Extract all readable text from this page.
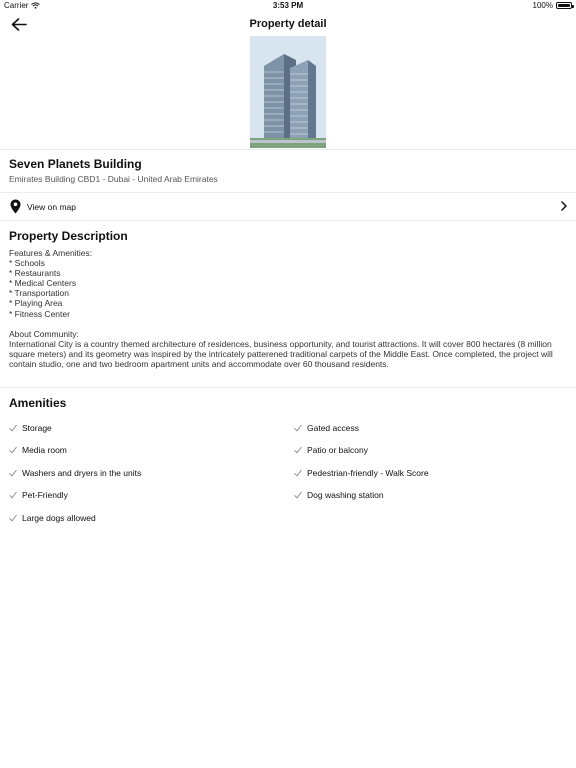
Carrier	3:53 PM	100%
Property detail
Seven Planets Building
Emirates Building CBD1 - Dubai - United Arab Emirates
View on map
Property Description
Features & Amenities:
* Schools
* Restaurants
* Medical Centers
* Transportation
* Playing Area
* Fitness Center

About Community:
International City is a country themed architecture of residences, business opportunity, and tourist attractions. It will cover 800 hectares (8 million square meters) and its geometry was inspired by the intricately patterened traditional carpets of the Middle East. Once completed, the project will contain studio, one and two bedroom apartment units and accommodate over 60 thousand residents.
Amenities
Storage	Gated access
Media room	Patio or balcony
Washers and dryers in the units	Pedestrian-friendly - Walk Score
Pet-Friendly	Dog washing station
Large dogs allowed
